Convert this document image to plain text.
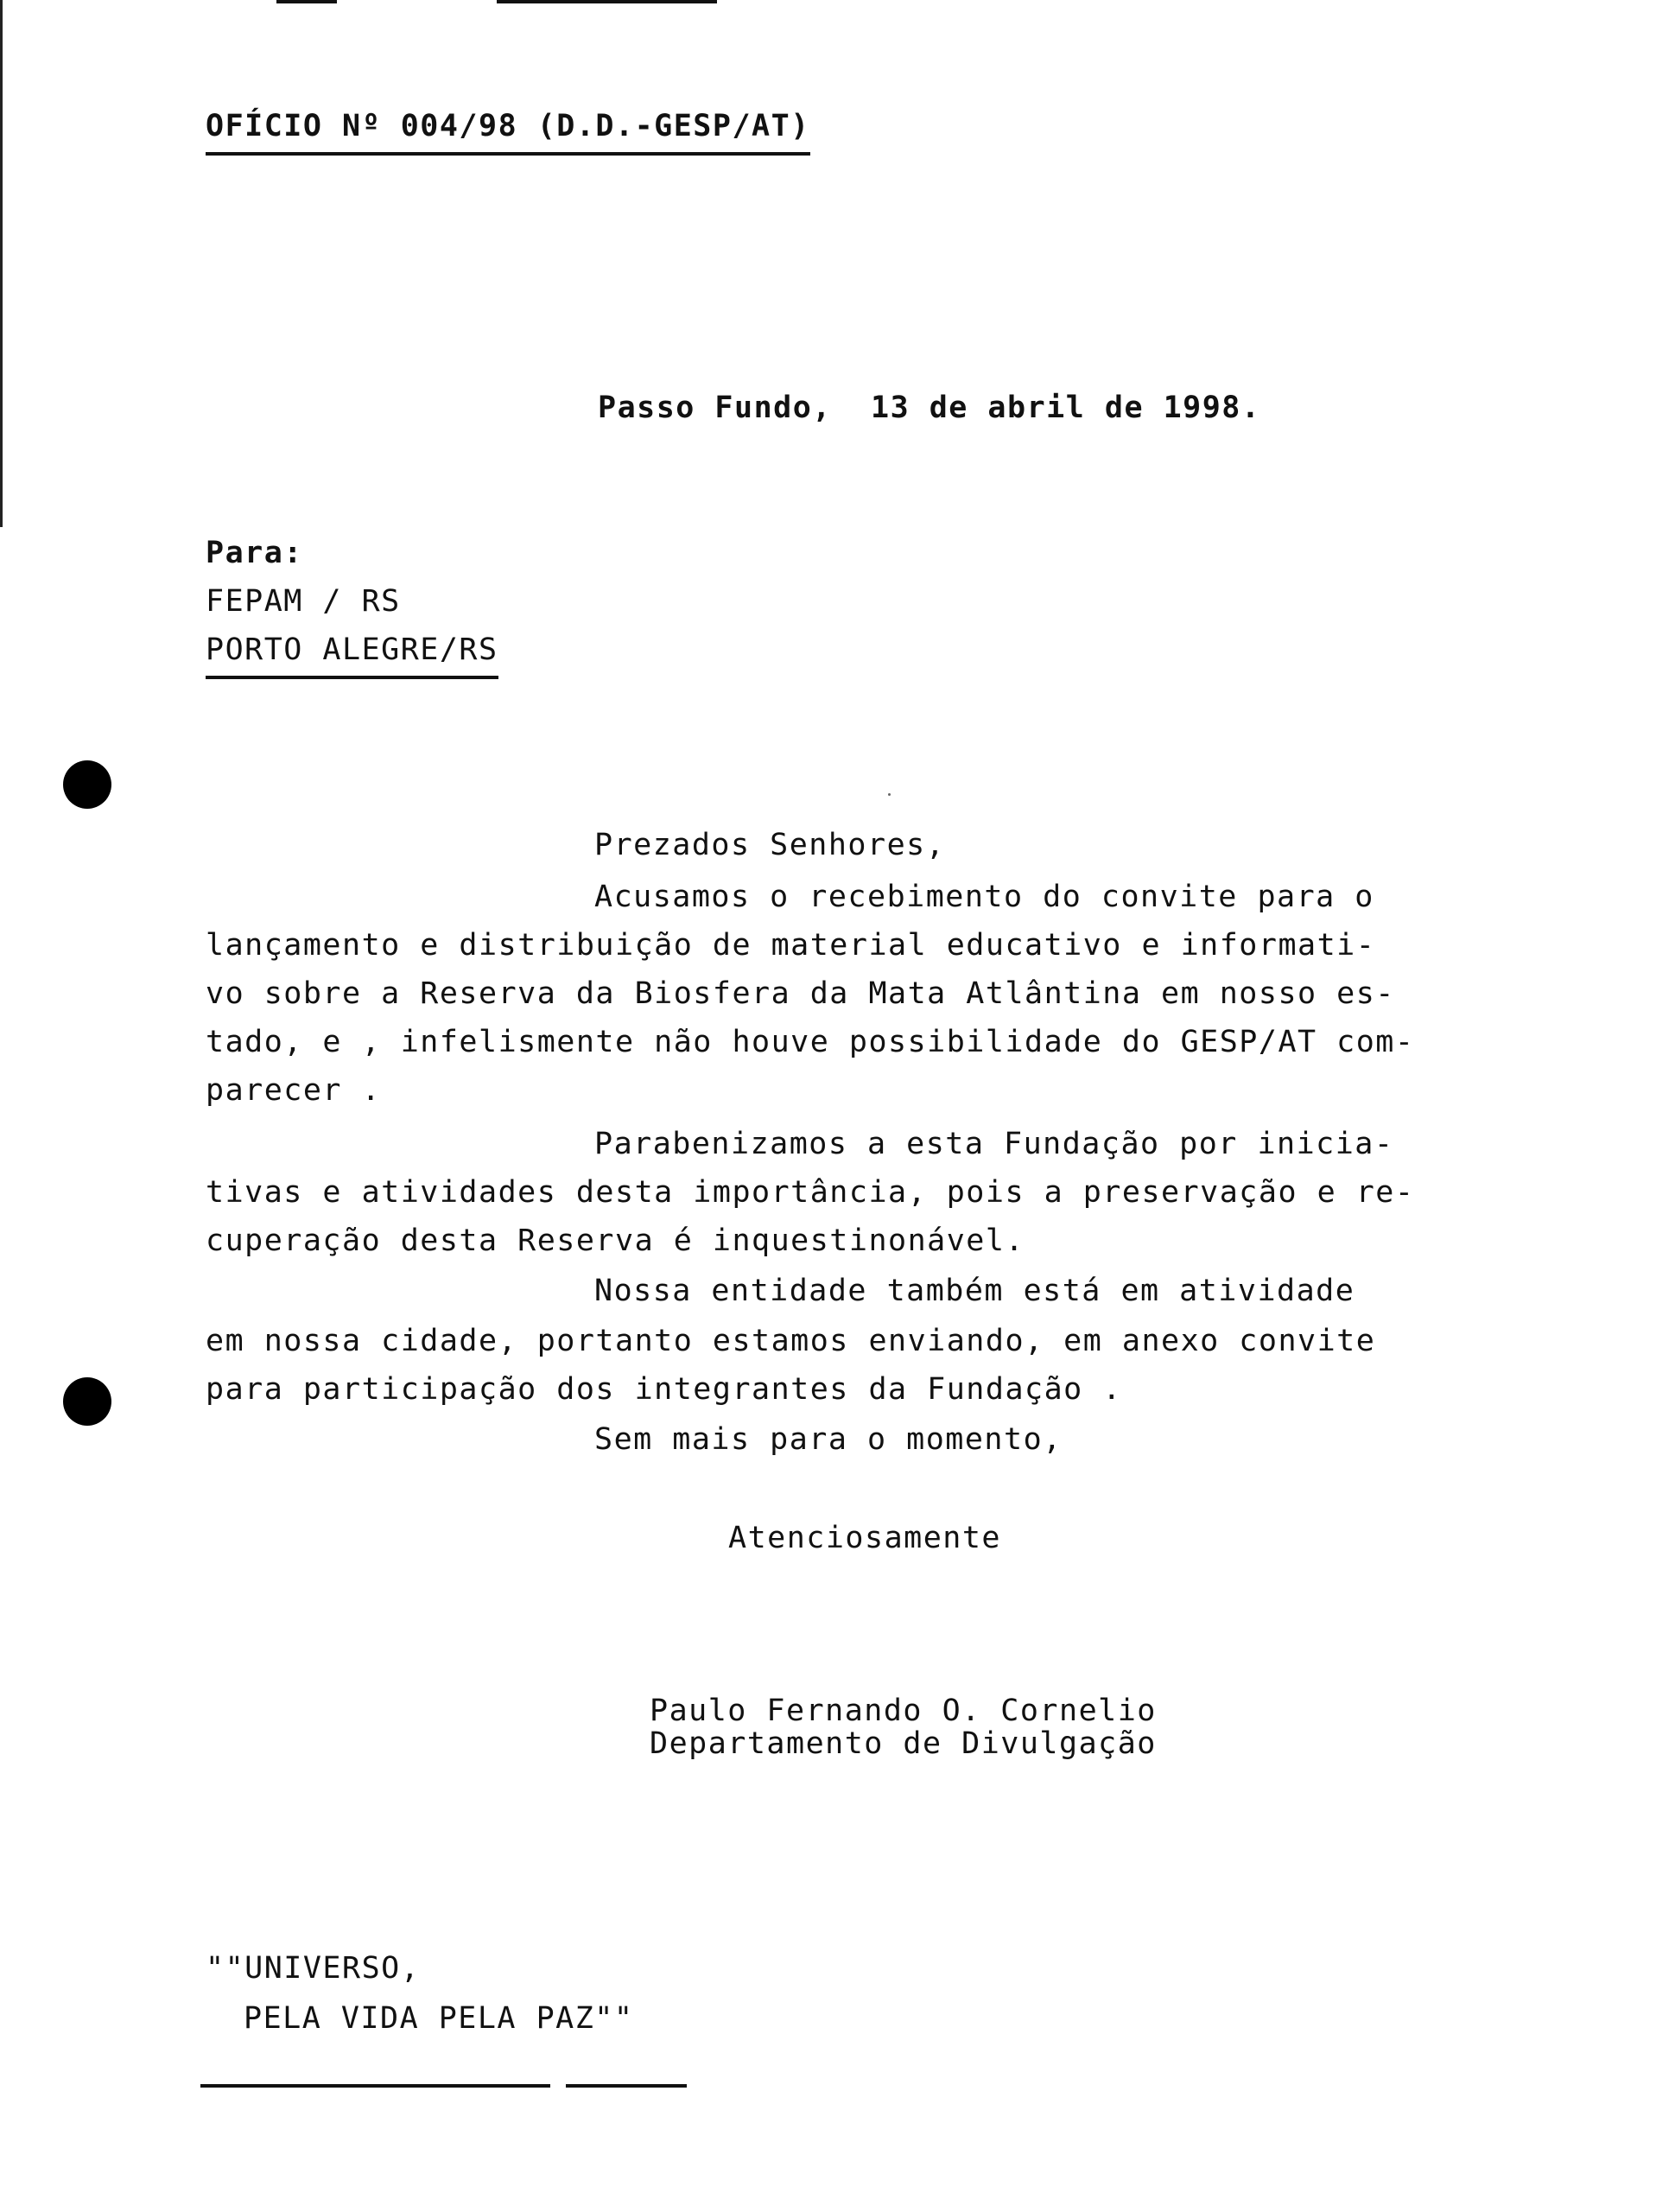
OFÍCIO Nº 004/98 (D.D.-GESP/AT)
Passo Fundo,  13 de abril de 1998.
Para:
FEPAM / RS
PORTO ALEGRE/RS
Prezados Senhores,
Acusamos o recebimento do convite para o
lançamento e distribuição de material educativo e informati-
vo sobre a Reserva da Biosfera da Mata Atlântina em nosso es-
tado, e , infelismente não houve possibilidade do GESP/AT com-
parecer .
Parabenizamos a esta Fundação por inicia-
tivas e atividades desta importância, pois a preservação e re-
cuperação desta Reserva é inquestinonável.
Nossa entidade também está em atividade
em nossa cidade, portanto estamos enviando, em anexo convite
para participação dos integrantes da Fundação .
Sem mais para o momento,
Atenciosamente
Paulo Fernando O. Cornelio
Departamento de Divulgação
""UNIVERSO,
PELA VIDA PELA PAZ""
